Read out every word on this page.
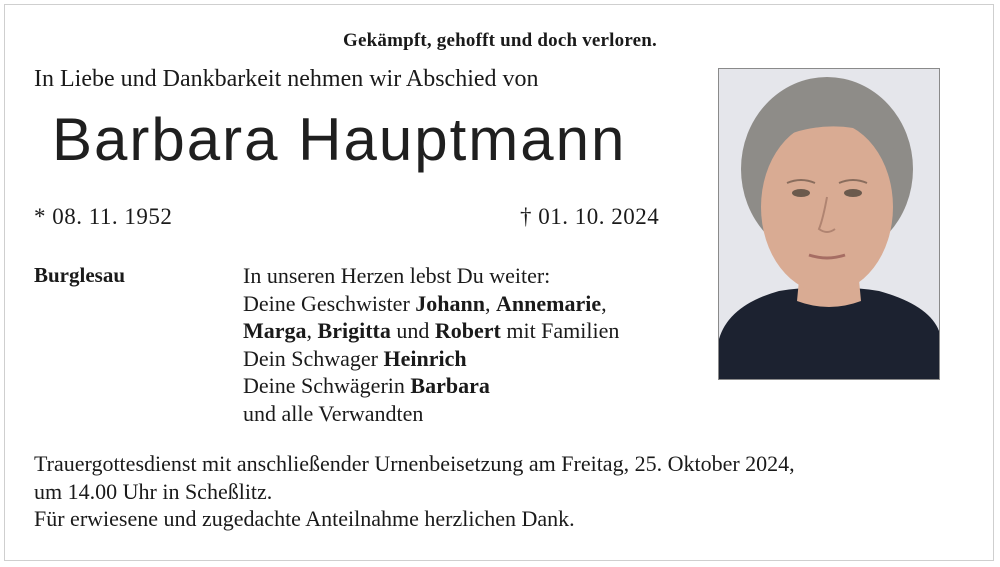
Gekämpft, gehofft und doch verloren.
In Liebe und Dankbarkeit nehmen wir Abschied von
Barbara Hauptmann
* 08. 11. 1952	† 01. 10. 2024
Burglesau	In unseren Herzen lebst Du weiter:
Deine Geschwister Johann, Annemarie,
Marga, Brigitta und Robert mit Familien
Dein Schwager Heinrich
Deine Schwägerin Barbara
und alle Verwandten
Trauergottesdienst mit anschließender Urnenbeisetzung am Freitag, 25. Oktober 2024,
um 14.00 Uhr in Scheßlitz.
Für erwiesene und zugedachte Anteilnahme herzlichen Dank.
